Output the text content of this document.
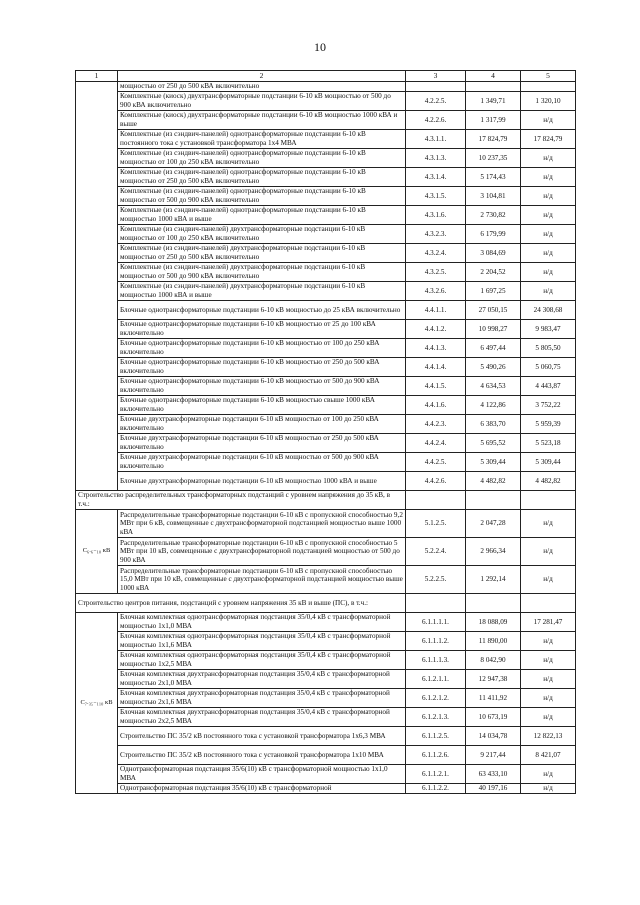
10
1	2	3	4	5
	мощностью от 250 до 500 кВА включительно			
	Комплектные (киоск) двухтрансформаторные подстанции 6-10 кВ мощностью от 500 до 900 кВА включительно	4.2.2.5.	1 349,71	1 320,10
	Комплектные (киоск) двухтрансформаторные подстанции 6-10 кВ мощностью 1000 кВА и выше	4.2.2.6.	1 317,99	н/д
	Комплектные (из сэндвич-панелей) однотрансформаторные подстанции 6-10 кВ постоянного тока с установкой трансформатора 1х4 МВА	4.3.1.1.	17 824,79	17 824,79
	Комплектные (из сэндвич-панелей) однотрансформаторные подстанции 6-10 кВ мощностью от 100 до 250 кВА включительно	4.3.1.3.	10 237,35	н/д
	Комплектные (из сэндвич-панелей) однотрансформаторные подстанции 6-10 кВ мощностью от 250 до 500 кВА включительно	4.3.1.4.	5 174,43	н/д
	Комплектные (из сэндвич-панелей) однотрансформаторные подстанции 6-10 кВ мощностью от 500 до 900 кВА включительно	4.3.1.5.	3 104,81	н/д
	Комплектные (из сэндвич-панелей) однотрансформаторные подстанции 6-10 кВ мощностью 1000 кВА и выше	4.3.1.6.	2 730,82	н/д
	Комплектные (из сэндвич-панелей) двухтрансформаторные подстанции 6-10 кВ мощностью от 100 до 250 кВА включительно	4.3.2.3.	6 179,99	н/д
	Комплектные (из сэндвич-панелей) двухтрансформаторные подстанции 6-10 кВ мощностью от 250 до 500 кВА включительно	4.3.2.4.	3 084,69	н/д
	Комплектные (из сэндвич-панелей) двухтрансформаторные подстанции 6-10 кВ мощностью от 500 до 900 кВА включительно	4.3.2.5.	2 204,52	н/д
	Комплектные (из сэндвич-панелей) двухтрансформаторные подстанции 6-10 кВ мощностью 1000 кВА и выше	4.3.2.6.	1 697,25	н/д
	Блочные однотрансформаторные подстанции 6-10 кВ мощностью до 25 кВА включительно	4.4.1.1.	27 050,15	24 308,68
	Блочные однотрансформаторные подстанции 6-10 кВ мощностью от 25 до 100 кВА включительно	4.4.1.2.	10 998,27	9 983,47
	Блочные однотрансформаторные подстанции 6-10 кВ мощностью от 100 до 250 кВА включительно	4.4.1.3.	6 497,44	5 805,50
	Блочные однотрансформаторные подстанции 6-10 кВ мощностью от 250 до 500 кВА включительно	4.4.1.4.	5 490,26	5 060,75
	Блочные однотрансформаторные подстанции 6-10 кВ мощностью от 500 до 900 кВА включительно	4.4.1.5.	4 634,53	4 443,87
	Блочные однотрансформаторные подстанции 6-10 кВ мощностью свыше 1000 кВА включительно	4.4.1.6.	4 122,86	3 752,22
	Блочные двухтрансформаторные подстанции 6-10 кВ мощностью от 100 до 250 кВА включительно	4.4.2.3.	6 383,70	5 959,39
	Блочные двухтрансформаторные подстанции 6-10 кВ мощностью от 250 до 500 кВА включительно	4.4.2.4.	5 695,52	5 523,18
	Блочные двухтрансформаторные подстанции 6-10 кВ мощностью от 500 до 900 кВА включительно	4.4.2.5.	5 309,44	5 309,44
	Блочные двухтрансформаторные подстанции 6-10 кВ мощностью 1000 кВА и выше	4.4.2.6.	4 482,82	4 482,82
Строительство распределительных трансформаторных подстанций с уровнем напряжения до 35 кВ, в т.ч.:				
C₆.₆₋₁₀ кВ	Распределительные трансформаторные подстанции 6-10 кВ с пропускной способностью 9,2 МВт при 6 кВ, совмещенные с двухтрансформаторной подстанцией мощностью выше 1000 кВА	5.1.2.5.	2 047,28	н/д
	Распределительные трансформаторные подстанции 6-10 кВ с пропускной способностью 5 МВт при 10 кВ, совмещенные с двухтрансформаторной подстанцией мощностью от 500 до 900 кВА	5.2.2.4.	2 966,34	н/д
	Распределительные трансформаторные подстанции 6-10 кВ с пропускной способностью 15,0 МВт при 10 кВ, совмещенные с двухтрансформаторной подстанцией мощностью выше 1000 кВА	5.2.2.5.	1 292,14	н/д
Строительство центров питания, подстанций с уровнем напряжения 35 кВ и выше (ПС), в т.ч.:				
C₇.₃₅₋₁₁₀ кВ	Блочная комплектная однотрансформаторная подстанция 35/0,4 кВ с трансформаторной мощностью 1х1,0 МВА	6.1.1.1.1.	18 088,09	17 281,47
	Блочная комплектная однотрансформаторная подстанция 35/0,4 кВ с трансформаторной мощностью 1х1,6 МВА	6.1.1.1.2.	11 890,00	н/д
	Блочная комплектная однотрансформаторная подстанция 35/0,4 кВ с трансформаторной мощностью 1х2,5 МВА	6.1.1.1.3.	8 042,90	н/д
	Блочная комплектная двухтрансформаторная подстанция 35/0,4 кВ с трансформаторной мощностью 2х1,0 МВА	6.1.2.1.1.	12 947,38	н/д
	Блочная комплектная двухтрансформаторная подстанция 35/0,4 кВ с трансформаторной мощностью 2х1,6 МВА	6.1.2.1.2.	11 411,92	н/д
	Блочная комплектная двухтрансформаторная подстанция 35/0,4 кВ с трансформаторной мощностью 2х2,5 МВА	6.1.2.1.3.	10 673,19	н/д
	Строительство ПС 35/2 кВ постоянного тока с установкой трансформатора 1х6,3 МВА	6.1.1.2.5.	14 034,78	12 822,13
	Строительство ПС 35/2 кВ постоянного тока с установкой трансформатора 1х10 МВА	6.1.1.2.6.	9 217,44	8 421,07
	Однотрансформаторная подстанция 35/6(10) кВ с трансформаторной мощностью 1х1,0 МВА	6.1.1.2.1.	63 433,10	н/д
	Однотрансформаторная подстанция 35/6(10) кВ с трансформаторной	6.1.1.2.2.	40 197,16	н/д
